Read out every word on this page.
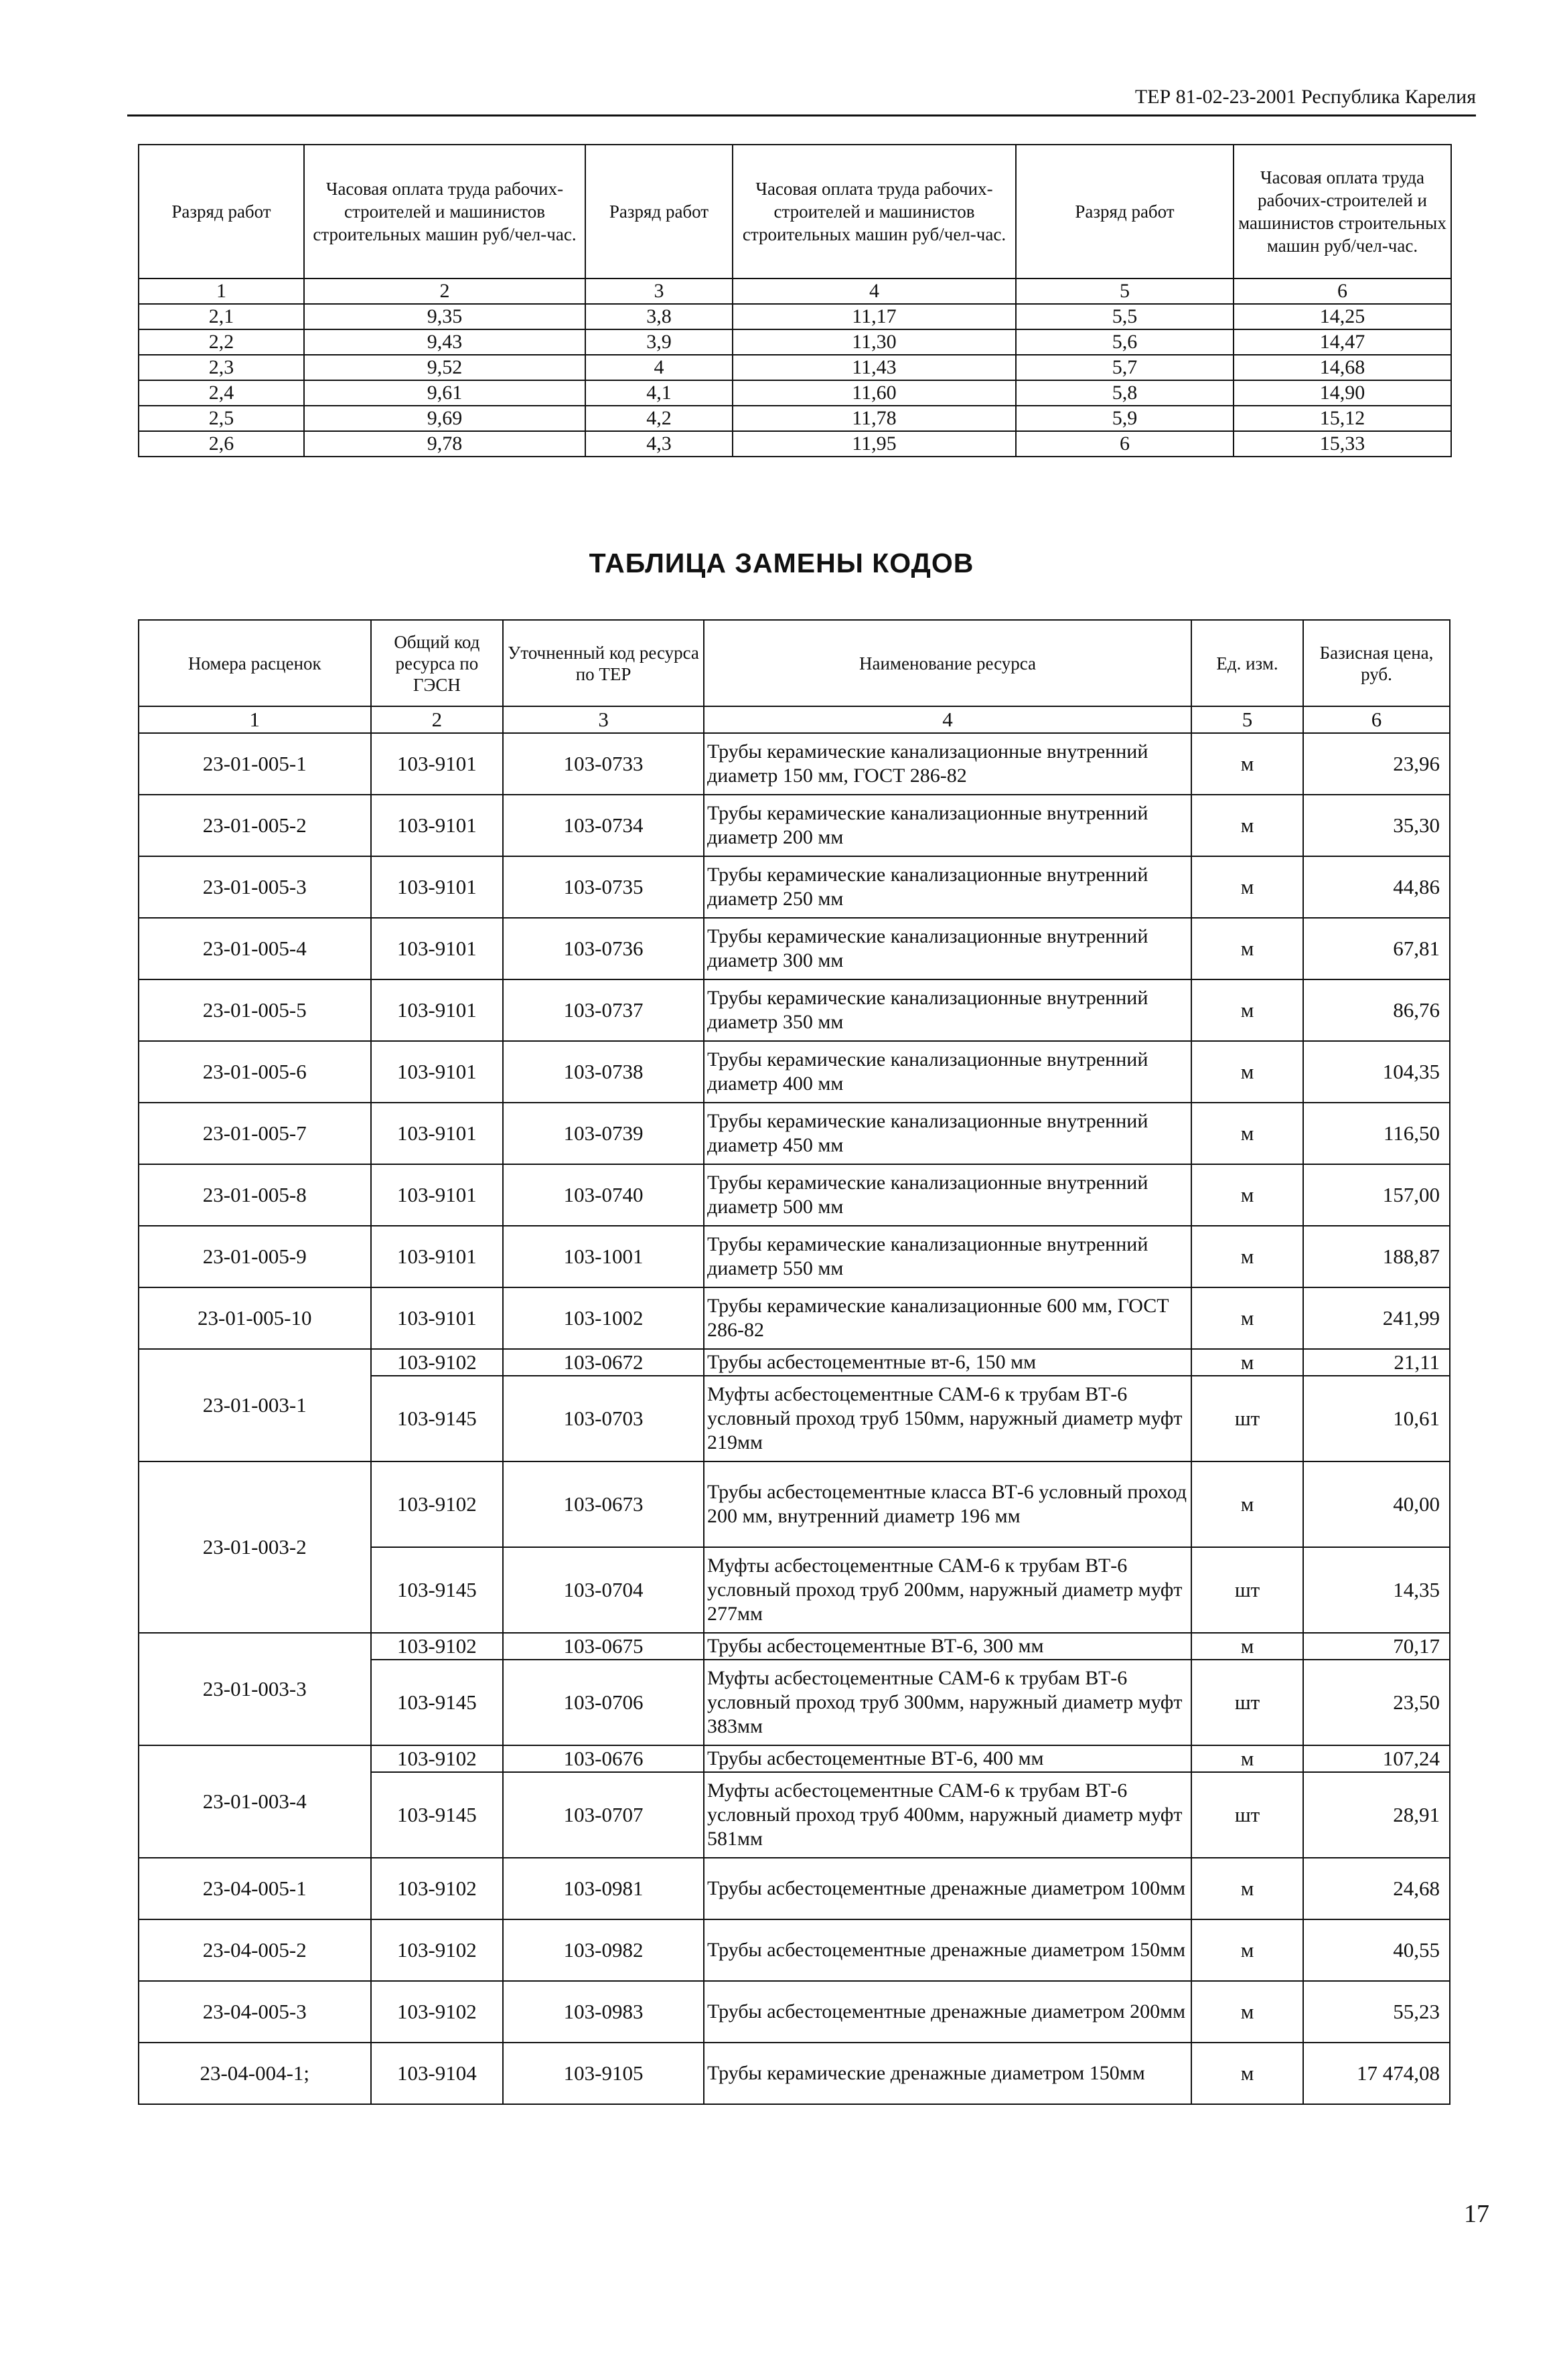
ТЕР 81-02-23-2001 Республика Карелия
Разряд работ	Часовая оплата труда рабочих-строителей и машинистов строительных машин руб/чел-час.	Разряд работ	Часовая оплата труда рабочих-строителей и машинистов строительных машин руб/чел-час.	Разряд работ	Часовая оплата труда рабочих-строителей и машинистов строительных машин руб/чел-час.
1	2	3	4	5	6
2,1	9,35	3,8	11,17	5,5	14,25
2,2	9,43	3,9	11,30	5,6	14,47
2,3	9,52	4	11,43	5,7	14,68
2,4	9,61	4,1	11,60	5,8	14,90
2,5	9,69	4,2	11,78	5,9	15,12
2,6	9,78	4,3	11,95	6	15,33
ТАБЛИЦА ЗАМЕНЫ КОДОВ
Номера расценок	Общий код ресурса по ГЭСН	Уточненный код ресурса по ТЕР	Наименование ресурса	Ед. изм.	Базисная цена, руб.
1	2	3	4	5	6
23-01-005-1	103-9101	103-0733	Трубы керамические канализационные внутренний диаметр 150 мм, ГОСТ 286-82	м	23,96
23-01-005-2	103-9101	103-0734	Трубы керамические канализационные внутренний диаметр 200 мм	м	35,30
23-01-005-3	103-9101	103-0735	Трубы керамические канализационные внутренний диаметр 250 мм	м	44,86
23-01-005-4	103-9101	103-0736	Трубы керамические канализационные внутренний диаметр 300 мм	м	67,81
23-01-005-5	103-9101	103-0737	Трубы керамические канализационные внутренний диаметр 350 мм	м	86,76
23-01-005-6	103-9101	103-0738	Трубы керамические канализационные внутренний диаметр 400 мм	м	104,35
23-01-005-7	103-9101	103-0739	Трубы керамические канализационные внутренний диаметр 450 мм	м	116,50
23-01-005-8	103-9101	103-0740	Трубы керамические канализационные внутренний диаметр 500 мм	м	157,00
23-01-005-9	103-9101	103-1001	Трубы керамические канализационные внутренний диаметр 550 мм	м	188,87
23-01-005-10	103-9101	103-1002	Трубы керамические канализационные 600 мм, ГОСТ 286-82	м	241,99
23-01-003-1	103-9102	103-0672	Трубы асбестоцементные вт-6, 150 мм	м	21,11
	103-9145	103-0703	Муфты асбестоцементные САМ-6 к трубам ВТ-6 условный проход труб 150мм, наружный диаметр муфт 219мм	шт	10,61
23-01-003-2	103-9102	103-0673	Трубы асбестоцементные класса ВТ-6 условный проход 200 мм, внутренний диаметр 196 мм	м	40,00
	103-9145	103-0704	Муфты асбестоцементные САМ-6 к трубам ВТ-6 условный проход труб 200мм, наружный диаметр муфт 277мм	шт	14,35
23-01-003-3	103-9102	103-0675	Трубы асбестоцементные ВТ-6, 300 мм	м	70,17
	103-9145	103-0706	Муфты асбестоцементные САМ-6 к трубам ВТ-6 условный проход труб 300мм, наружный диаметр муфт 383мм	шт	23,50
23-01-003-4	103-9102	103-0676	Трубы асбестоцементные ВТ-6, 400 мм	м	107,24
	103-9145	103-0707	Муфты асбестоцементные САМ-6 к трубам ВТ-6 условный проход труб 400мм, наружный диаметр муфт 581мм	шт	28,91
23-04-005-1	103-9102	103-0981	Трубы асбестоцементные дренажные диаметром 100мм	м	24,68
23-04-005-2	103-9102	103-0982	Трубы асбестоцементные дренажные диаметром 150мм	м	40,55
23-04-005-3	103-9102	103-0983	Трубы асбестоцементные дренажные диаметром 200мм	м	55,23
23-04-004-1;	103-9104	103-9105	Трубы керамические дренажные диаметром 150мм	м	17 474,08
17
